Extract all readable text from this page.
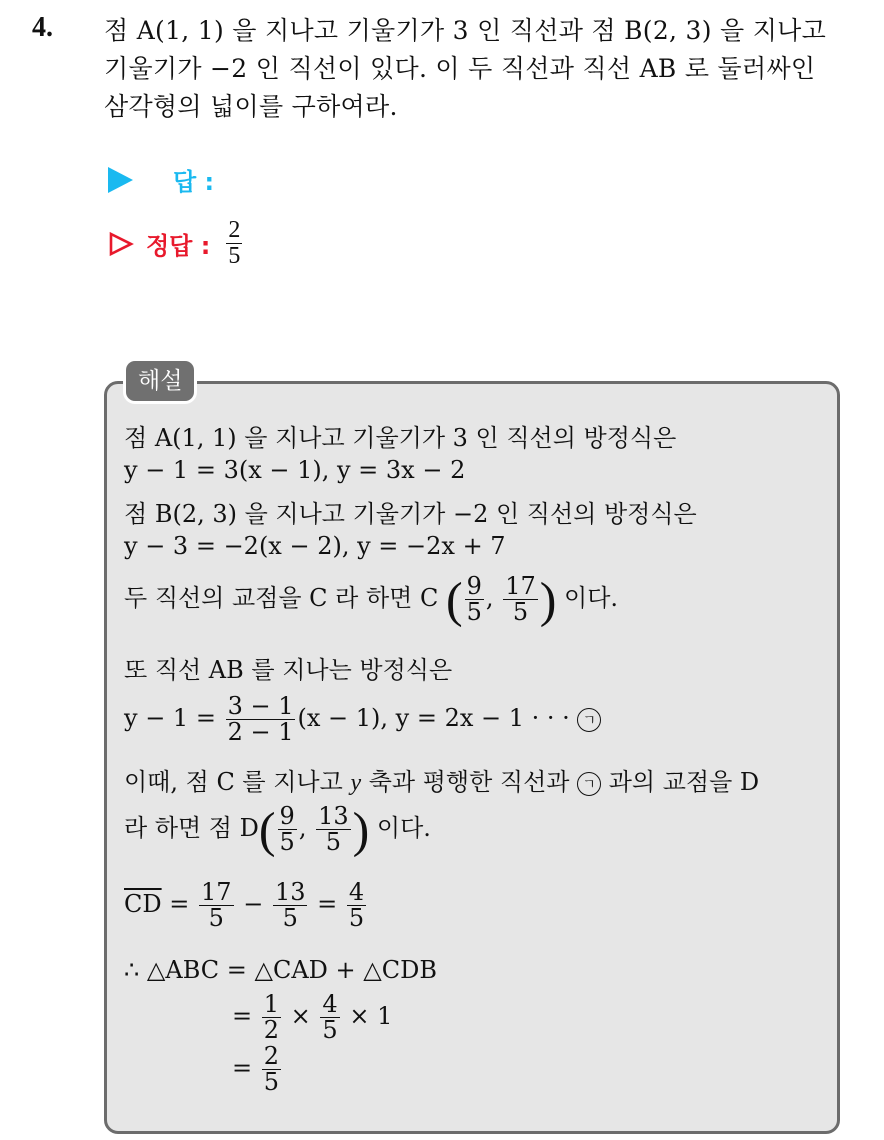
4. 점 A(1, 1) 을 지나고 기울기가 3 인 직선과 점 B(2, 3) 을 지나고
기울기가 −2 인 직선이 있다. 이 두 직선과 직선 AB 로 둘러싸인
삼각형의 넓이를 구하여라.
답 :
정답 : $\frac{2}{5}$
해설
점 A(1, 1) 을 지나고 기울기가 3 인 직선의 방정식은
y − 1 = 3(x − 1), y = 3x − 2
점 B(2, 3) 을 지나고 기울기가 −2 인 직선의 방정식은
y − 3 = −2(x − 2), y = −2x + 7
두 직선의 교점을 C 라 하면 C ( $\frac{9}{5}$ , $\frac{17}{5}$ ) 이다.
또 직선 AB 를 지나는 방정식은
$y - 1 = \frac{3 - 1}{2 - 1} (x - 1)$, y = 2x − 1 · · · ㄱ
이때, 점 C 를 지나고 y 축과 평행한 직선과 ㄱ 과의 교점을 D
라 하면 점 $D( \frac{9}{5}$ , $\frac{13}{5}$ ) 이다.
$\overline{CD} = \frac{17}{5} - \frac{13}{5} = \frac{4}{5}$
∴ △ABC = △CAD + △CDB
= $\frac{1}{2} \times \frac{4}{5} \times 1$
= $\frac{2}{5}$
